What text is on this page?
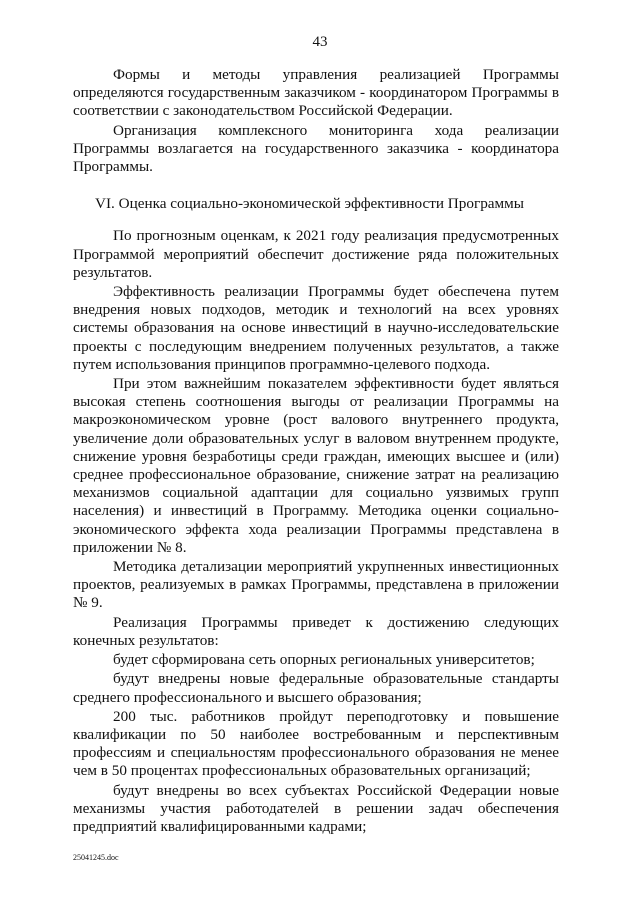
43

Формы и методы управления реализацией Программы определяются государственным заказчиком - координатором Программы в соответствии с законодательством Российской Федерации.

Организация комплексного мониторинга хода реализации Программы возлагается на государственного заказчика - координатора Программы.

VI. Оценка социально-экономической эффективности Программы

По прогнозным оценкам, к 2021 году реализация предусмотренных Программой мероприятий обеспечит достижение ряда положительных результатов.

Эффективность реализации Программы будет обеспечена путем внедрения новых подходов, методик и технологий на всех уровнях системы образования на основе инвестиций в научно-исследовательские проекты с последующим внедрением полученных результатов, а также путем использования принципов программно-целевого подхода.

При этом важнейшим показателем эффективности будет являться высокая степень соотношения выгоды от реализации Программы на макроэкономическом уровне (рост валового внутреннего продукта, увеличение доли образовательных услуг в валовом внутреннем продукте, снижение уровня безработицы среди граждан, имеющих высшее и (или) среднее профессиональное образование, снижение затрат на реализацию механизмов социальной адаптации для социально уязвимых групп населения) и инвестиций в Программу. Методика оценки социально-экономического эффекта хода реализации Программы представлена в приложении № 8.

Методика детализации мероприятий укрупненных инвестиционных проектов, реализуемых в рамках Программы, представлена в приложении № 9.

Реализация Программы приведет к достижению следующих конечных результатов:

будет сформирована сеть опорных региональных университетов;

будут внедрены новые федеральные образовательные стандарты среднего профессионального и высшего образования;

200 тыс. работников пройдут переподготовку и повышение квалификации по 50 наиболее востребованным и перспективным профессиям и специальностям профессионального образования не менее чем в 50 процентах профессиональных образовательных организаций;

будут внедрены во всех субъектах Российской Федерации новые механизмы участия работодателей в решении задач обеспечения предприятий квалифицированными кадрами;

25041245.doc
